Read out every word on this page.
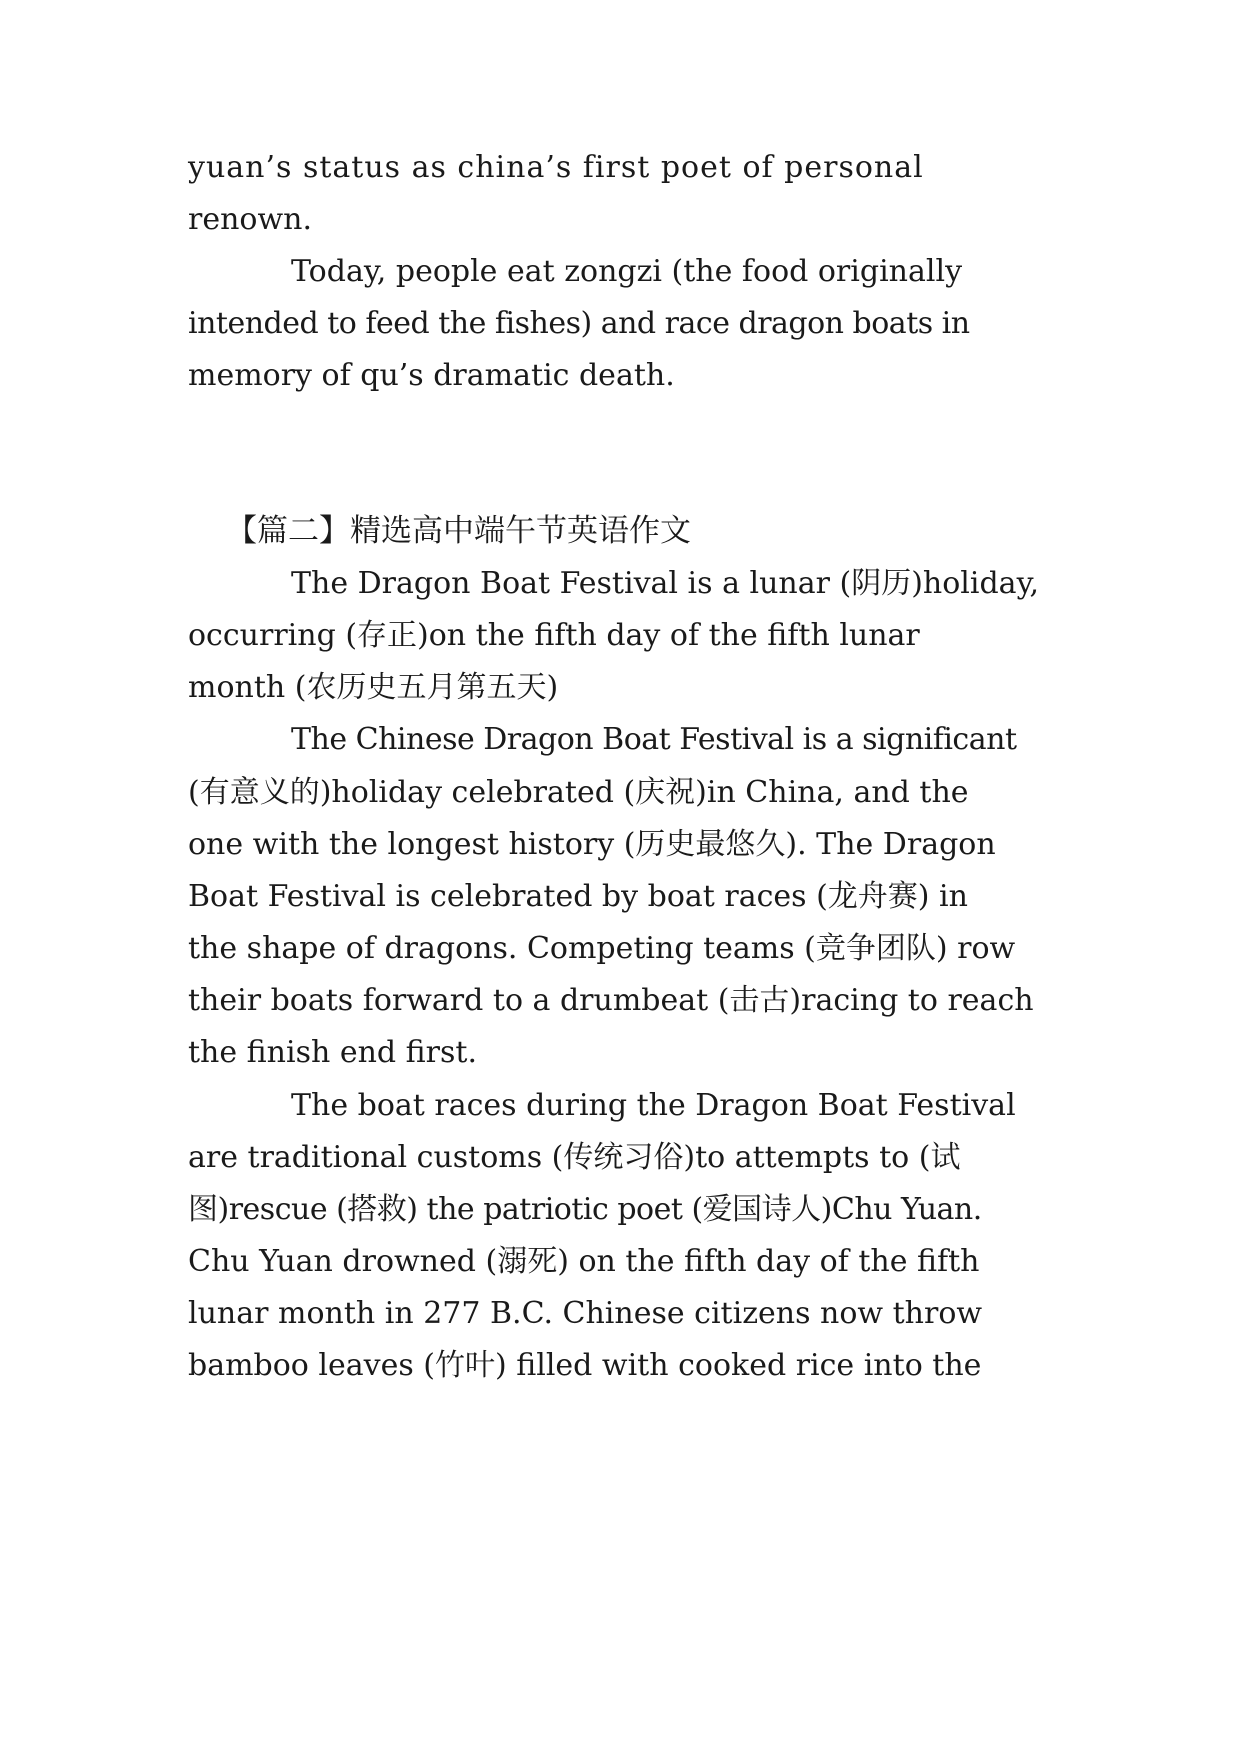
yuan’s status as china’s first poet of personal
renown.
Today, people eat zongzi (the food originally
intended to feed the fishes) and race dragon boats in
memory of qu’s dramatic death.
【篇二】精选高中端午节英语作文
The Dragon Boat Festival is a lunar (阴历)holiday,
occurring (存正)on the fifth day of the fifth lunar
month (农历史五月第五天)
The Chinese Dragon Boat Festival is a significant
(有意义的)holiday celebrated (庆祝)in China, and the
one with the longest history (历史最悠久). The Dragon
Boat Festival is celebrated by boat races (龙舟赛) in
the shape of dragons. Competing teams (竞争团队) row
their boats forward to a drumbeat (击古)racing to reach
the finish end first.
The boat races during the Dragon Boat Festival
are traditional customs (传统习俗)to attempts to (试
图)rescue (搭救) the patriotic poet (爱国诗人)Chu Yuan.
Chu Yuan drowned (溺死) on the fifth day of the fifth
lunar month in 277 B.C. Chinese citizens now throw
bamboo leaves (竹叶) filled with cooked rice into the
